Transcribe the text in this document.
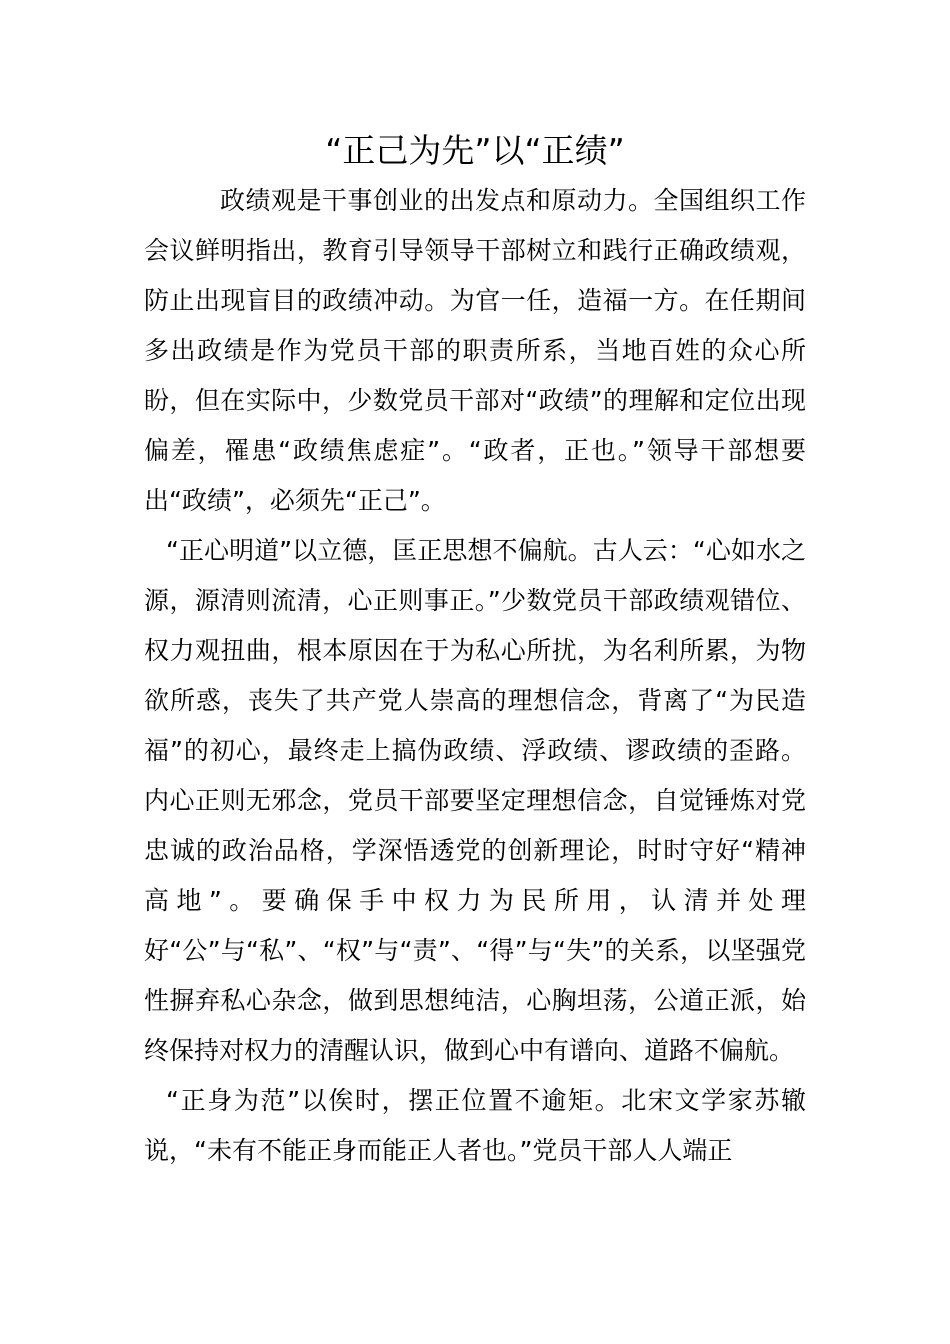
“正己为先”以“正绩”

政绩观是干事创业的出发点和原动力。全国组织工作会议鲜明指出，教育引导领导干部树立和践行正确政绩观，防止出现盲目的政绩冲动。为官一任，造福一方。在任期间多出政绩是作为党员干部的职责所系，当地百姓的众心所盼，但在实际中，少数党员干部对“政绩”的理解和定位出现偏差，罹患“政绩焦虑症”。“政者，正也。”领导干部想要出“政绩”，必须先“正己”。

“正心明道”以立德，匡正思想不偏航。古人云：“心如水之源，源清则流清，心正则事正。”少数党员干部政绩观错位、权力观扭曲，根本原因在于为私心所扰，为名利所累，为物欲所惑，丧失了共产党人崇高的理想信念，背离了“为民造福”的初心，最终走上搞伪政绩、浮政绩、谬政绩的歪路。内心正则无邪念，党员干部要坚定理想信念，自觉锤炼对党忠诚的政治品格，学深悟透党的创新理论，时时守好“精神高地”。要确保手中权力为民所用，认清并处理好“公”与“私”、“权”与“责”、“得”与“失”的关系，以坚强党性摒弃私心杂念，做到思想纯洁，心胸坦荡，公道正派，始终保持对权力的清醒认识，做到心中有谱向、道路不偏航。

“正身为范”以俟时，摆正位置不逾矩。北宋文学家苏辙说，“未有不能正身而能正人者也。”党员干部人人端正
